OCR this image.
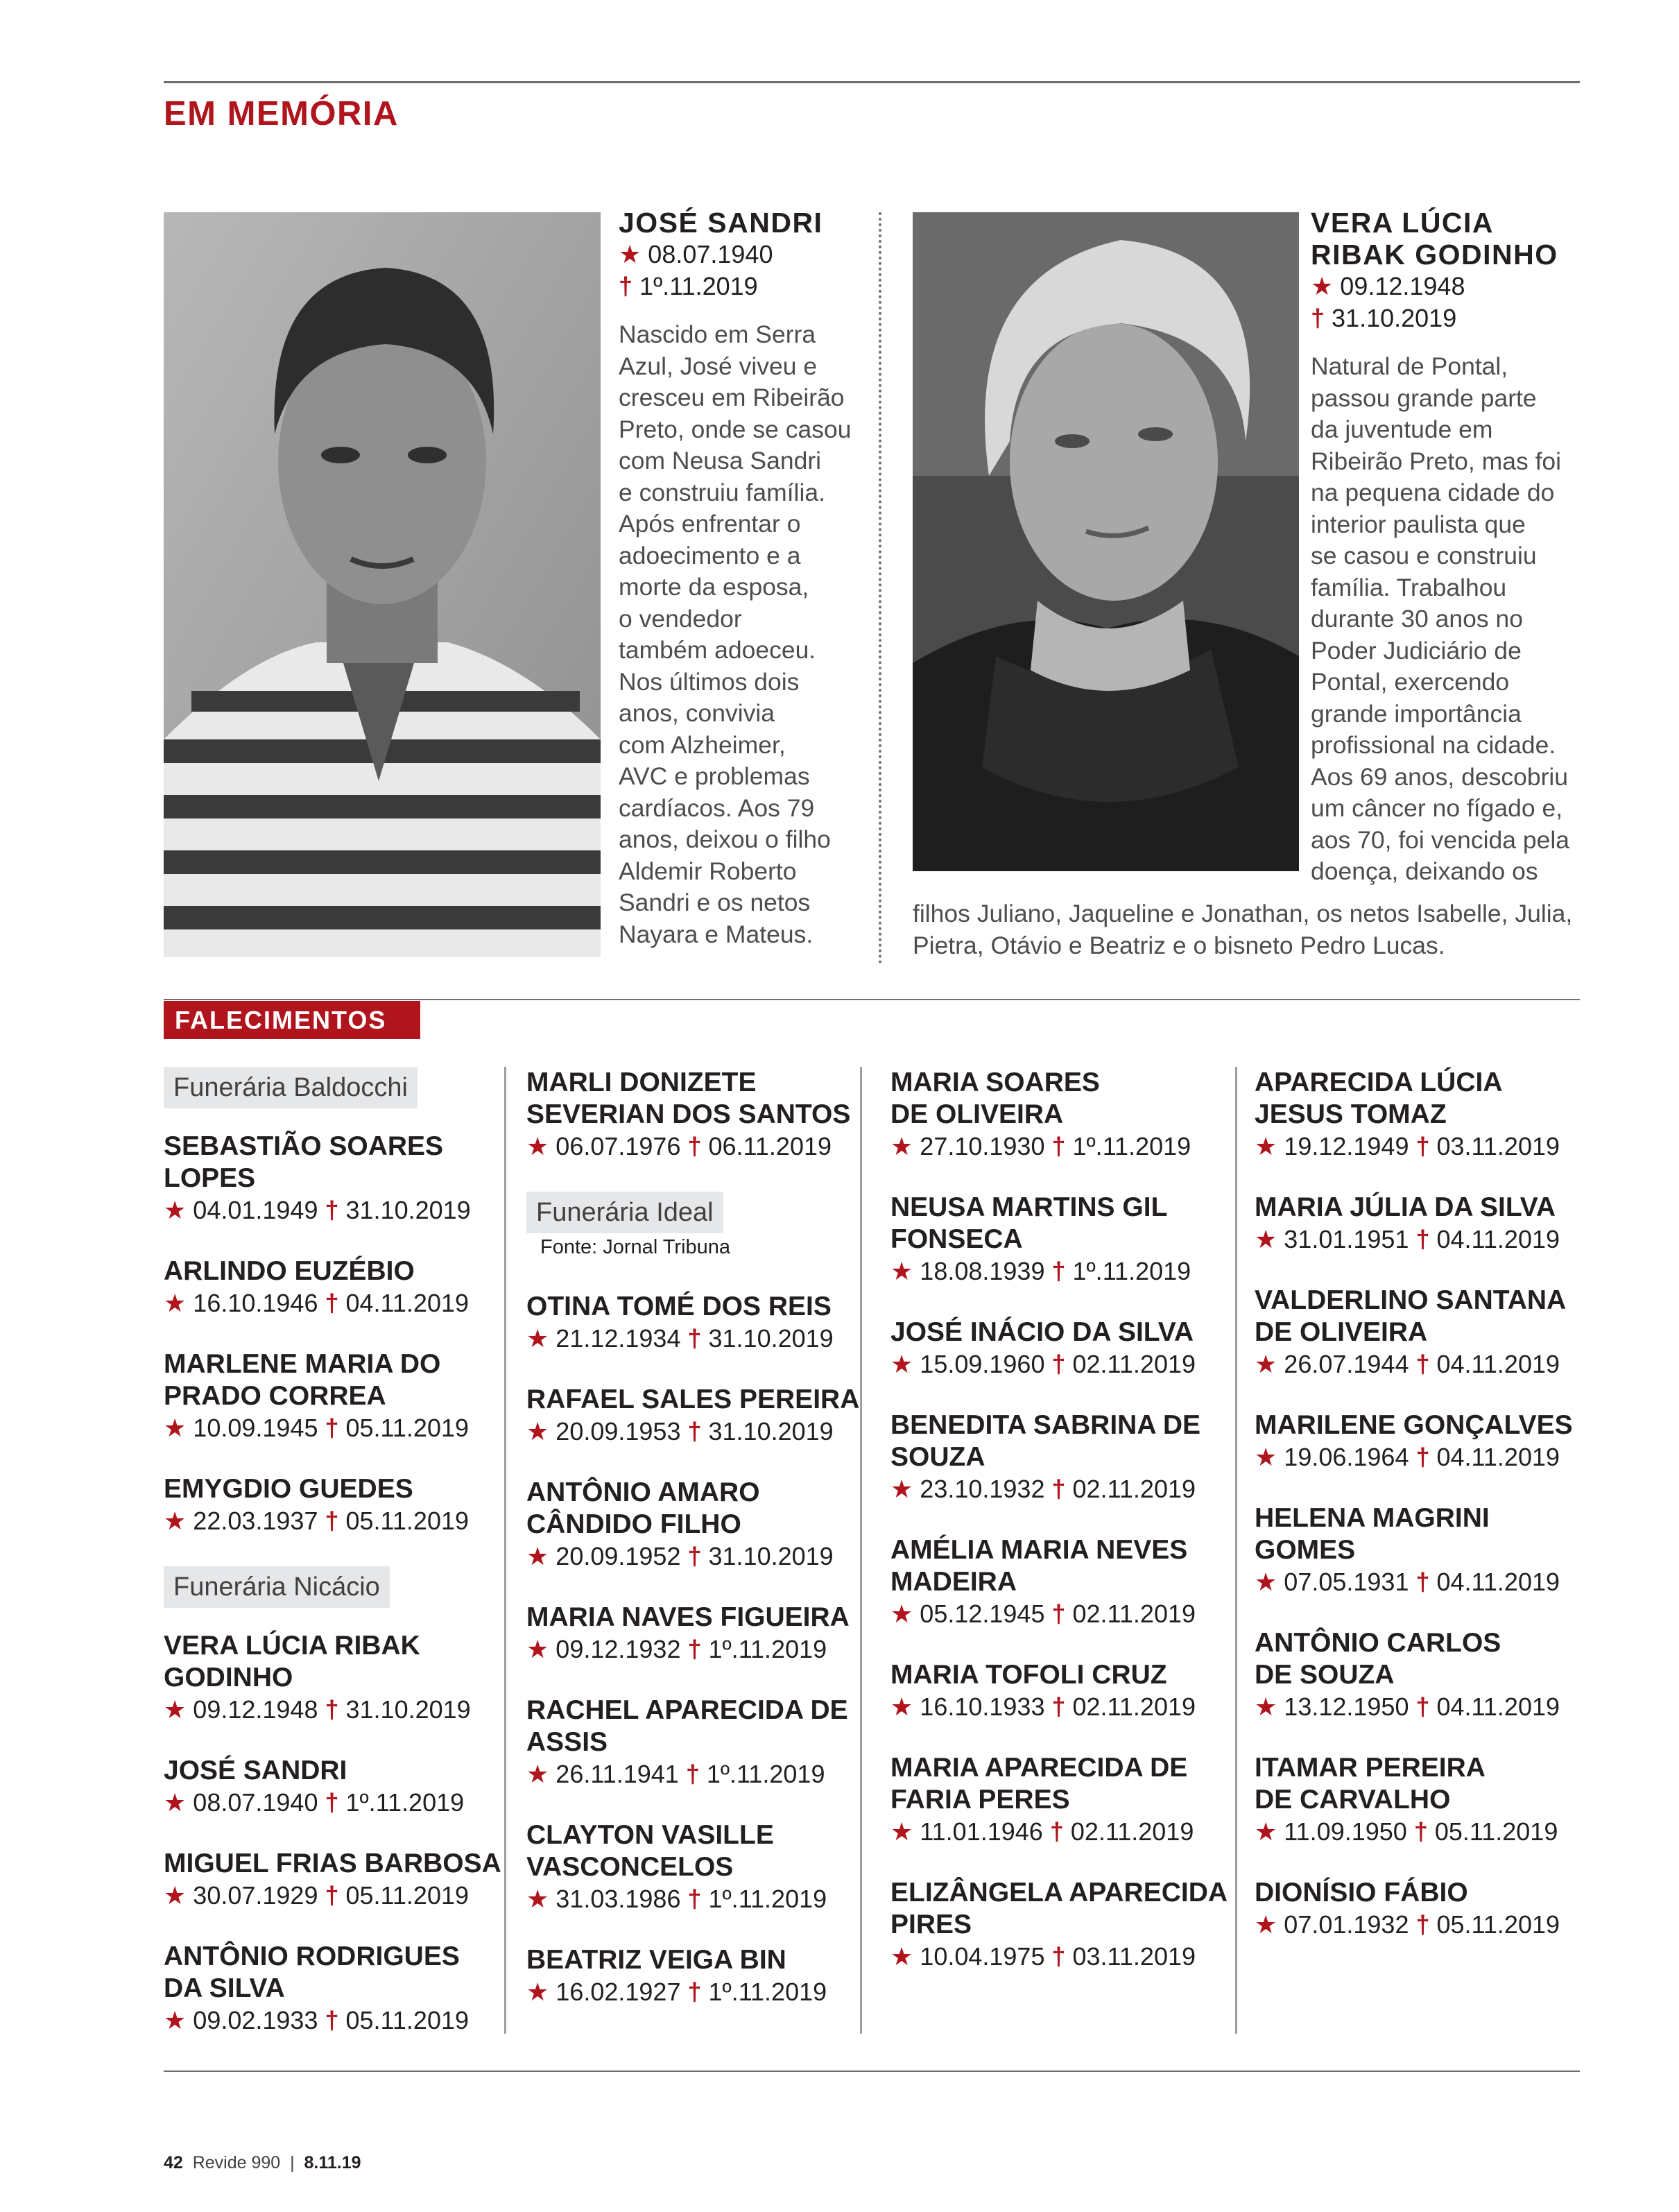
EM MEMÓRIA
JOSÉ SANDRI
★ 08.07.1940
† 1º.11.2019
Nascido em Serra
Azul, José viveu e
cresceu em Ribeirão
Preto, onde se casou
com Neusa Sandri
e construiu família.
Após enfrentar o
adoecimento e a
morte da esposa,
o vendedor
também adoeceu.
Nos últimos dois
anos, convivia
com Alzheimer,
AVC e problemas
cardíacos. Aos 79
anos, deixou o filho
Aldemir Roberto
Sandri e os netos
Nayara e Mateus.
VERA LÚCIA
RIBAK GODINHO
★ 09.12.1948
† 31.10.2019
Natural de Pontal,
passou grande parte
da juventude em
Ribeirão Preto, mas foi
na pequena cidade do
interior paulista que
se casou e construiu
família. Trabalhou
durante 30 anos no
Poder Judiciário de
Pontal, exercendo
grande importância
profissional na cidade.
Aos 69 anos, descobriu
um câncer no fígado e,
aos 70, foi vencida pela
doença, deixando os
filhos Juliano, Jaqueline e Jonathan, os netos Isabelle, Julia,
Pietra, Otávio e Beatriz e o bisneto Pedro Lucas.
FALECIMENTOS
Funerária Baldocchi
SEBASTIÃO SOARES
LOPES
★ 04.01.1949 † 31.10.2019
ARLINDO EUZÉBIO
★ 16.10.1946 † 04.11.2019
MARLENE MARIA DO
PRADO CORREA
★ 10.09.1945 † 05.11.2019
EMYGDIO GUEDES
★ 22.03.1937 † 05.11.2019
Funerária Nicácio
VERA LÚCIA RIBAK
GODINHO
★ 09.12.1948 † 31.10.2019
JOSÉ SANDRI
★ 08.07.1940 † 1º.11.2019
MIGUEL FRIAS BARBOSA
★ 30.07.1929 † 05.11.2019
ANTÔNIO RODRIGUES
DA SILVA
★ 09.02.1933 † 05.11.2019
MARLI DONIZETE
SEVERIAN DOS SANTOS
★ 06.07.1976 † 06.11.2019
Funerária Ideal
Fonte: Jornal Tribuna
OTINA TOMÉ DOS REIS
★ 21.12.1934 † 31.10.2019
RAFAEL SALES PEREIRA
★ 20.09.1953 † 31.10.2019
ANTÔNIO AMARO
CÂNDIDO FILHO
★ 20.09.1952 † 31.10.2019
MARIA NAVES FIGUEIRA
★ 09.12.1932 † 1º.11.2019
RACHEL APARECIDA DE
ASSIS
★ 26.11.1941 † 1º.11.2019
CLAYTON VASILLE
VASCONCELOS
★ 31.03.1986 † 1º.11.2019
BEATRIZ VEIGA BIN
★ 16.02.1927 † 1º.11.2019
MARIA SOARES
DE OLIVEIRA
★ 27.10.1930 † 1º.11.2019
NEUSA MARTINS GIL
FONSECA
★ 18.08.1939 † 1º.11.2019
JOSÉ INÁCIO DA SILVA
★ 15.09.1960 † 02.11.2019
BENEDITA SABRINA DE
SOUZA
★ 23.10.1932 † 02.11.2019
AMÉLIA MARIA NEVES
MADEIRA
★ 05.12.1945 † 02.11.2019
MARIA TOFOLI CRUZ
★ 16.10.1933 † 02.11.2019
MARIA APARECIDA DE
FARIA PERES
★ 11.01.1946 † 02.11.2019
ELIZÂNGELA APARECIDA
PIRES
★ 10.04.1975 † 03.11.2019
APARECIDA LÚCIA
JESUS TOMAZ
★ 19.12.1949 † 03.11.2019
MARIA JÚLIA DA SILVA
★ 31.01.1951 † 04.11.2019
VALDERLINO SANTANA
DE OLIVEIRA
★ 26.07.1944 † 04.11.2019
MARILENE GONÇALVES
★ 19.06.1964 † 04.11.2019
HELENA MAGRINI
GOMES
★ 07.05.1931 † 04.11.2019
ANTÔNIO CARLOS
DE SOUZA
★ 13.12.1950 † 04.11.2019
ITAMAR PEREIRA
DE CARVALHO
★ 11.09.1950 † 05.11.2019
DIONÍSIO FÁBIO
★ 07.01.1932 † 05.11.2019
42 Revide 990 | 8.11.19
